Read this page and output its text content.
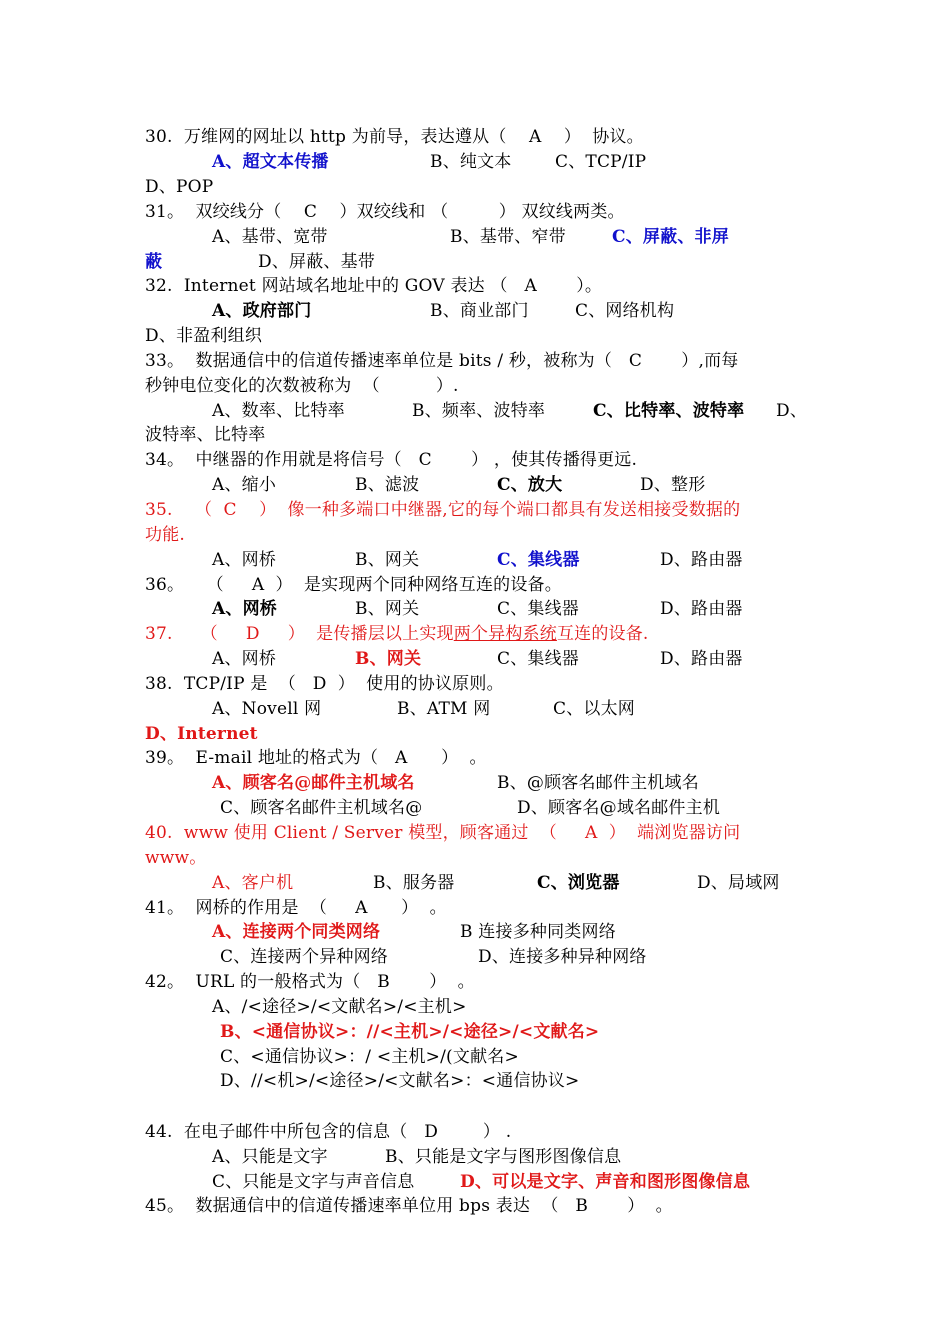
30.  万维网的网址以 http 为前导，表达遵从（    A    ）  协议。
A、超文本传播	B、纯文本	C、TCP/IP
D、POP
31。  双绞线分（    C    ）双绞线和 （         ） 双纹线两类。
A、基带、宽带	B、基带、窄带	C、屏蔽、非屏
蔽	D、屏蔽、基带
32.  Internet 网站域名地址中的 GOV 表达 （   A       ）。
A、政府部门	B、商业部门	C、网络机构
D、非盈利组织
33。  数据通信中的信道传播速率单位是 bits / 秒，被称为（   C       ）,而每
秒钟电位变化的次数被称为  （          ）.
A、数率、比特率	B、频率、波特率	C、比特率、波特率 D、
波特率、比特率
34。  中继器的作用就是将信号（   C       ） ，使其传播得更远.
A、缩小	B、滤波	C、放大	D、整形
35.    （  C    ）  像一种多端口中继器,它的每个端口都具有发送相接受数据的
功能.
A、网桥	B、网关	C、集线器	D、路由器
36。    （     A  ）  是实现两个同种网络互连的设备。
A、网桥	B、网关	C、集线器	D、路由器
37.     （     D     ）  是传播层以上实现两个异构系统互连的设备.
A、网桥	B、网关	C、集线器	D、路由器
38.  TCP/IP 是  （   D  ）  使用的协议原则。
A、Novell 网	B、ATM 网	C、以太网
D、Internet
39。  E-mail 地址的格式为（   A      ）  。
A、顾客名@邮件主机域名	B、@顾客名邮件主机域名
C、顾客名邮件主机域名@	D、顾客名@域名邮件主机
40.  www 使用 Client / Server 模型，顾客通过  （     A  ）  端浏览器访问
www。
A、客户机	B、服务器	C、浏览器	D、局域网
41。  网桥的作用是  （     A      ）  。
A、连接两个同类网络	B 连接多种同类网络
C、连接两个异种网络	D、连接多种异种网络
42。  URL 的一般格式为（   B       ）  。
A、/<途径>/<文献名>/<主机>
B、<通信协议>：//<主机>/<途径>/<文献名>
C、<通信协议>：/ <主机>/(文献名>
D、//<机>/<途径>/<文献名>：<通信协议>
44.  在电子邮件中所包含的信息（   D        ） .
A、只能是文字	B、只能是文字与图形图像信息
C、只能是文字与声音信息	D、可以是文字、声音和图形图像信息
45。  数据通信中的信道传播速率单位用 bps 表达  （   B       ）  。
